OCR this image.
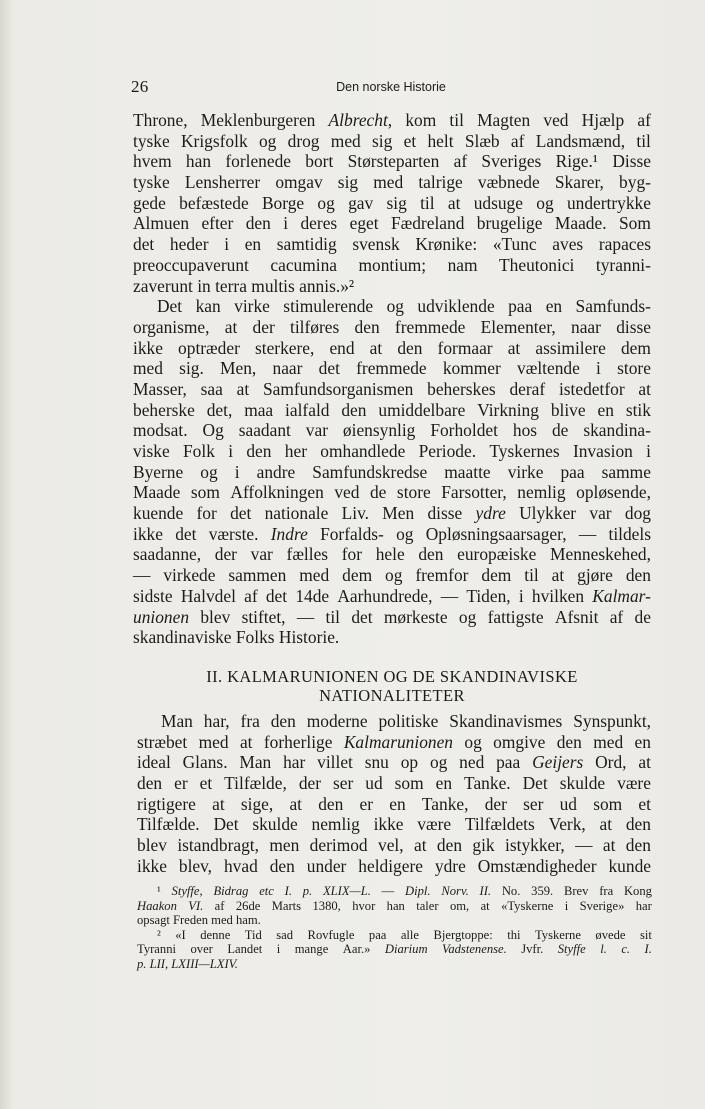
26	Den norske Historie
Throne, Meklenburgeren Albrecht, kom til Magten ved Hjælp af
tyske Krigsfolk og drog med sig et helt Slæb af Landsmænd, til
hvem han forlenede bort Størsteparten af Sveriges Rige.¹ Disse
tyske Lensherrer omgav sig med talrige væbnede Skarer, byg-
gede befæstede Borge og gav sig til at udsuge og undertrykke
Almuen efter den i deres eget Fædreland brugelige Maade. Som
det heder i en samtidig svensk Krønike: «Tunc aves rapaces
preoccupaverunt cacumina montium; nam Theutonici tyranni-
zaverunt in terra multis annis.»²
Det kan virke stimulerende og udviklende paa en Samfunds-
organisme, at der tilføres den fremmede Elementer, naar disse
ikke optræder sterkere, end at den formaar at assimilere dem
med sig. Men, naar det fremmede kommer væltende i store
Masser, saa at Samfundsorganismen beherskes deraf istedetfor at
beherske det, maa ialfald den umiddelbare Virkning blive en stik
modsat. Og saadant var øiensynlig Forholdet hos de skandina-
viske Folk i den her omhandlede Periode. Tyskernes Invasion i
Byerne og i andre Samfundskredse maatte virke paa samme
Maade som Affolkningen ved de store Farsotter, nemlig opløsende,
kuende for det nationale Liv. Men disse ydre Ulykker var dog
ikke det værste. Indre Forfalds- og Opløsningsaarsager, — tildels
saadanne, der var fælles for hele den europæiske Menneskehed,
— virkede sammen med dem og fremfor dem til at gjøre den
sidste Halvdel af det 14de Aarhundrede, — Tiden, i hvilken Kalmar-
unionen blev stiftet, — til det mørkeste og fattigste Afsnit af de
skandinaviske Folks Historie.
II. KALMARUNIONEN OG DE SKANDINAVISKE
NATIONALITETER
Man har, fra den moderne politiske Skandinavismes Synspunkt,
stræbet med at forherlige Kalmarunionen og omgive den med en
ideal Glans. Man har villet snu op og ned paa Geijers Ord, at
den er et Tilfælde, der ser ud som en Tanke. Det skulde være
rigtigere at sige, at den er en Tanke, der ser ud som et
Tilfælde. Det skulde nemlig ikke være Tilfældets Verk, at den
blev istandbragt, men derimod vel, at den gik istykker, — at den
ikke blev, hvad den under heldigere ydre Omstændigheder kunde
¹ Styffe, Bidrag etc I. p. XLIX—L. — Dipl. Norv. II. No. 359. Brev fra Kong
Haakon VI. af 26de Marts 1380, hvor han taler om, at «Tyskerne i Sverige» har
opsagt Freden med ham.
² «I denne Tid sad Rovfugle paa alle Bjergtoppe: thi Tyskerne øvede sit
Tyranni over Landet i mange Aar.» Diarium Vadstenense. Jvfr. Styffe l. c. I.
p. LII, LXIII—LXIV.
